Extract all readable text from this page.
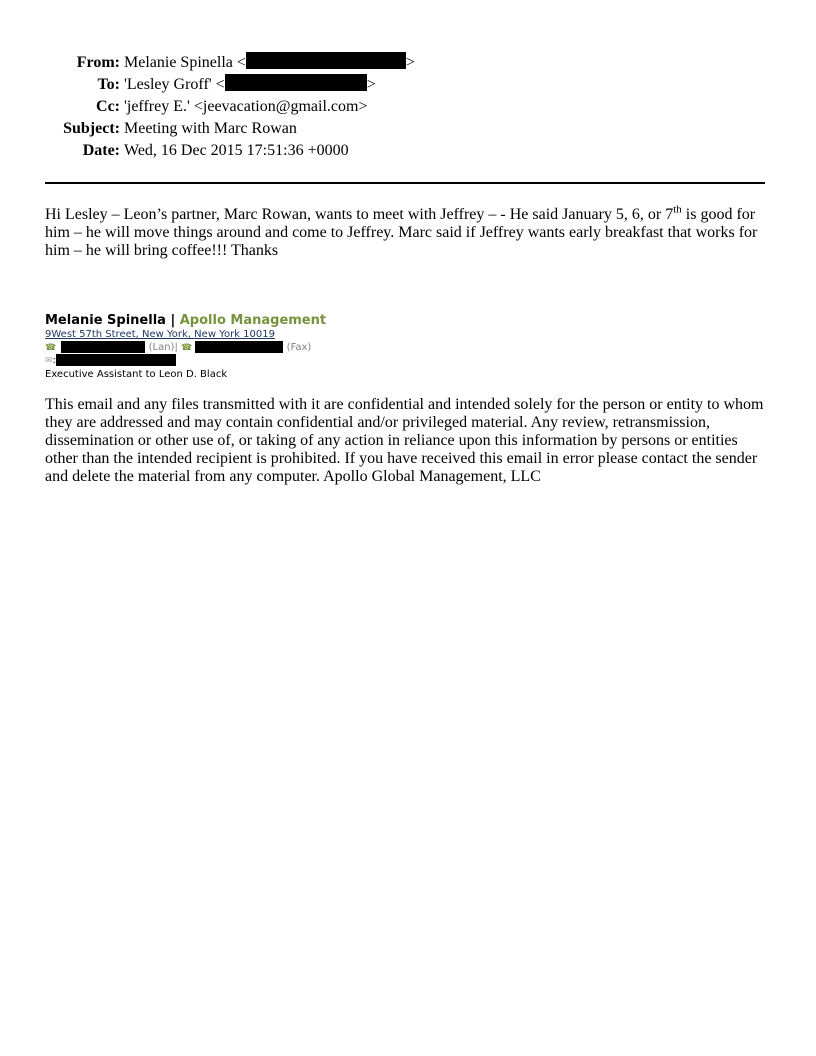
From: Melanie Spinella <	>
To: 'Lesley Groff' <	>
Cc: 'jeffrey E.' <jeevacation@gmail.com>
Subject: Meeting with Marc Rowan
Date: Wed, 16 Dec 2015 17:51:36 +0000
Hi Lesley – Leon’s partner, Marc Rowan, wants to meet with Jeffrey – - He said January 5, 6, or 7th is good for him – he will move things around and come to Jeffrey. Marc said if Jeffrey wants early breakfast that works for him – he will bring coffee!!! Thanks
Melanie Spinella | Apollo Management
9West 57th Street, New York, New York 10019
☎	(Lan)| ☎	(Fax)
✉:
Executive Assistant to Leon D. Black
This email and any files transmitted with it are confidential and intended solely for the person or entity to whom they are addressed and may contain confidential and/or privileged material. Any review, retransmission, dissemination or other use of, or taking of any action in reliance upon this information by persons or entities other than the intended recipient is prohibited. If you have received this email in error please contact the sender and delete the material from any computer. Apollo Global Management, LLC
